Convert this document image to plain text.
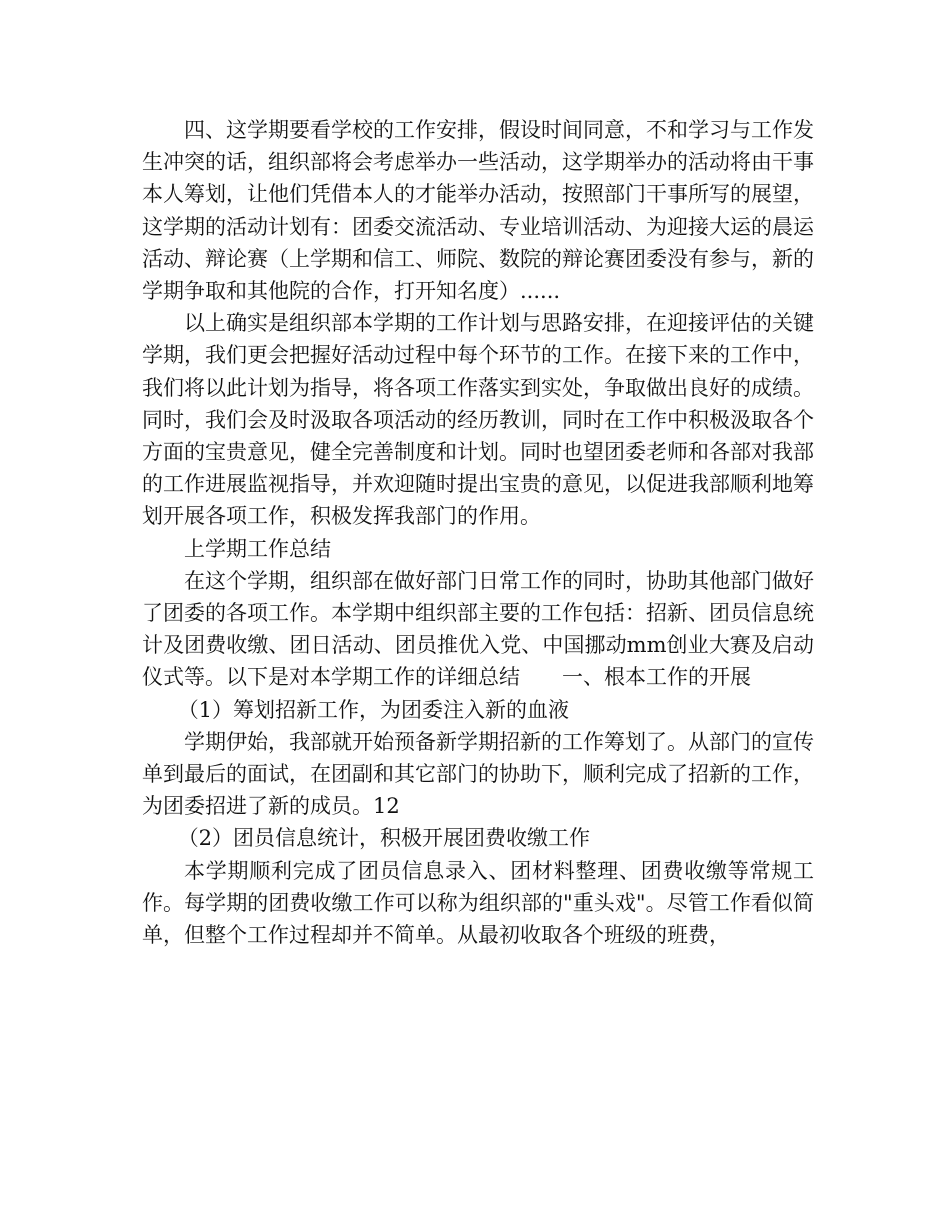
四、这学期要看学校的工作安排，假设时间同意，不和学习与工作发生冲突的话，组织部将会考虑举办一些活动，这学期举办的活动将由干事本人筹划，让他们凭借本人的才能举办活动，按照部门干事所写的展望，这学期的活动计划有：团委交流活动、专业培训活动、为迎接大运的晨运活动、辩论赛（上学期和信工、师院、数院的辩论赛团委没有参与，新的学期争取和其他院的合作，打开知名度）......

以上确实是组织部本学期的工作计划与思路安排，在迎接评估的关键学期，我们更会把握好活动过程中每个环节的工作。在接下来的工作中，我们将以此计划为指导，将各项工作落实到实处，争取做出良好的成绩。同时，我们会及时汲取各项活动的经历教训，同时在工作中积极汲取各个方面的宝贵意见，健全完善制度和计划。同时也望团委老师和各部对我部的工作进展监视指导，并欢迎随时提出宝贵的意见，以促进我部顺利地筹划开展各项工作，积极发挥我部门的作用。

上学期工作总结

在这个学期，组织部在做好部门日常工作的同时，协助其他部门做好了团委的各项工作。本学期中组织部主要的工作包括：招新、团员信息统计及团费收缴、团日活动、团员推优入党、中国挪动mm创业大赛及启动仪式等。以下是对本学期工作的详细总结　　一、根本工作的开展

（1）筹划招新工作，为团委注入新的血液

学期伊始，我部就开始预备新学期招新的工作筹划了。从部门的宣传单到最后的面试，在团副和其它部门的协助下，顺利完成了招新的工作，为团委招进了新的成员。12

（2）团员信息统计，积极开展团费收缴工作

本学期顺利完成了团员信息录入、团材料整理、团费收缴等常规工作。每学期的团费收缴工作可以称为组织部的"重头戏"。尽管工作看似简单，但整个工作过程却并不简单。从最初收取各个班级的班费，
